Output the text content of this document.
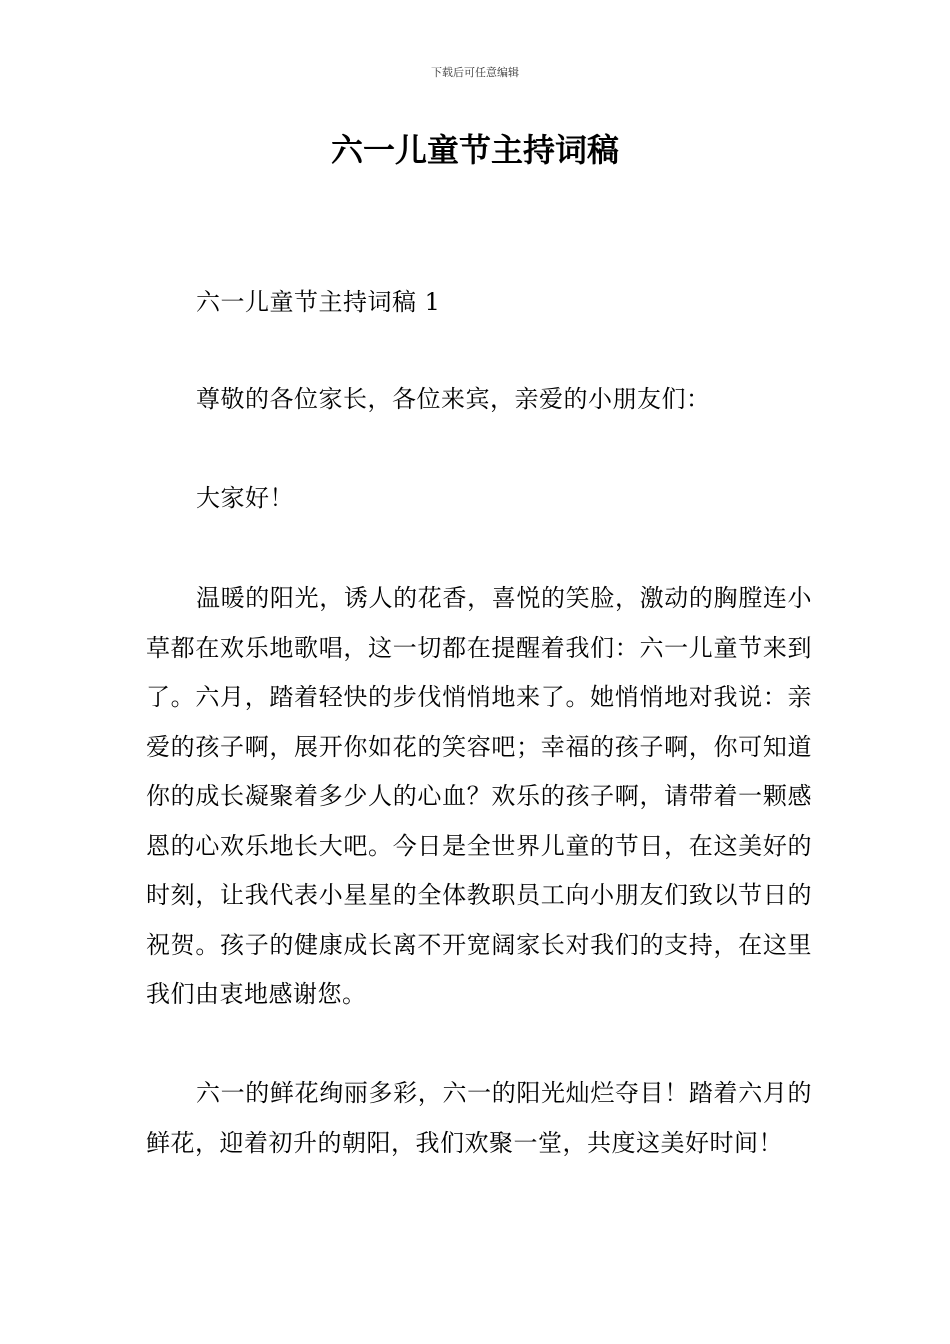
下载后可任意编辑
六一儿童节主持词稿

六一儿童节主持词稿 1

尊敬的各位家长，各位来宾，亲爱的小朋友们：

大家好！

温暖的阳光，诱人的花香，喜悦的笑脸，激动的胸膛连小草都在欢乐地歌唱，这一切都在提醒着我们：六一儿童节来到了。六月，踏着轻快的步伐悄悄地来了。她悄悄地对我说：亲爱的孩子啊，展开你如花的笑容吧；幸福的孩子啊，你可知道你的成长凝聚着多少人的心血？欢乐的孩子啊，请带着一颗感恩的心欢乐地长大吧。今日是全世界儿童的节日，在这美好的时刻，让我代表小星星的全体教职员工向小朋友们致以节日的祝贺。孩子的健康成长离不开宽阔家长对我们的支持，在这里我们由衷地感谢您。

六一的鲜花绚丽多彩，六一的阳光灿烂夺目！踏着六月的鲜花，迎着初升的朝阳，我们欢聚一堂，共度这美好时间！
